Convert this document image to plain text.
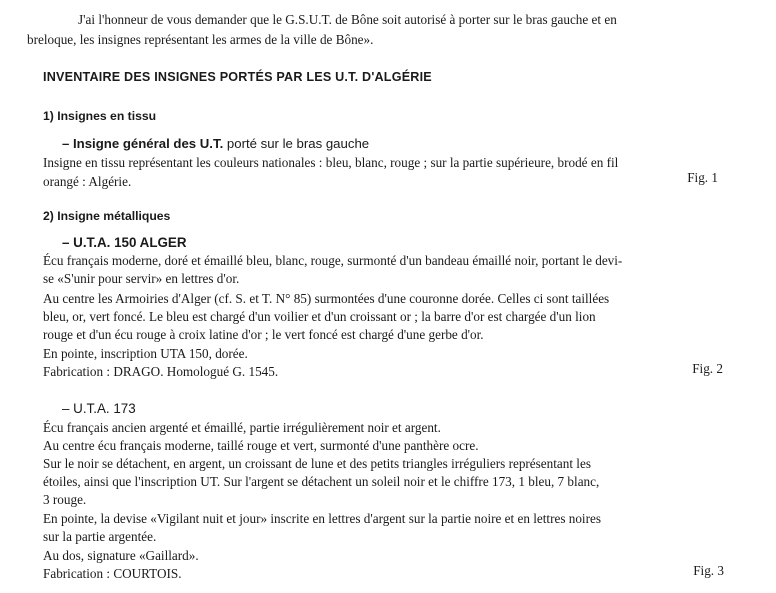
J'ai l'honneur de vous demander que le G.S.U.T. de Bône soit autorisé à porter sur le bras gauche et en
breloque, les insignes représentant les armes de la ville de Bône».
INVENTAIRE DES INSIGNES PORTÉS PAR LES U.T. D'ALGÉRIE
1) Insignes en tissu
– Insigne général des U.T. porté sur le bras gauche
Insigne en tissu représentant les couleurs nationales : bleu, blanc, rouge ; sur la partie supérieure, brodé en fil
orangé : Algérie.	Fig. 1
2) Insigne métalliques
– U.T.A. 150 ALGER
Écu français moderne, doré et émaillé bleu, blanc, rouge, surmonté d'un bandeau émaillé noir, portant le devi-
se «S'unir pour servir» en lettres d'or.
Au centre les Armoiries d'Alger (cf. S. et T. N° 85) surmontées d'une couronne dorée. Celles ci sont taillées
bleu, or, vert foncé. Le bleu est chargé d'un voilier et d'un croissant or ; la barre d'or est chargée d'un lion
rouge et d'un écu rouge à croix latine d'or ; le vert foncé est chargé d'une gerbe d'or.
En pointe, inscription UTA 150, dorée.
Fabrication : DRAGO. Homologué G. 1545.	Fig. 2
– U.T.A. 173
Écu français ancien argenté et émaillé, partie irrégulièrement noir et argent.
Au centre écu français moderne, taillé rouge et vert, surmonté d'une panthère ocre.
Sur le noir se détachent, en argent, un croissant de lune et des petits triangles irréguliers représentant les
étoiles, ainsi que l'inscription UT. Sur l'argent se détachent un soleil noir et le chiffre 173, 1 bleu, 7 blanc,
3 rouge.
En pointe, la devise «Vigilant nuit et jour» inscrite en lettres d'argent sur la partie noire et en lettres noires
sur la partie argentée.
Au dos, signature «Gaillard».
Fabrication : COURTOIS.	Fig. 3
